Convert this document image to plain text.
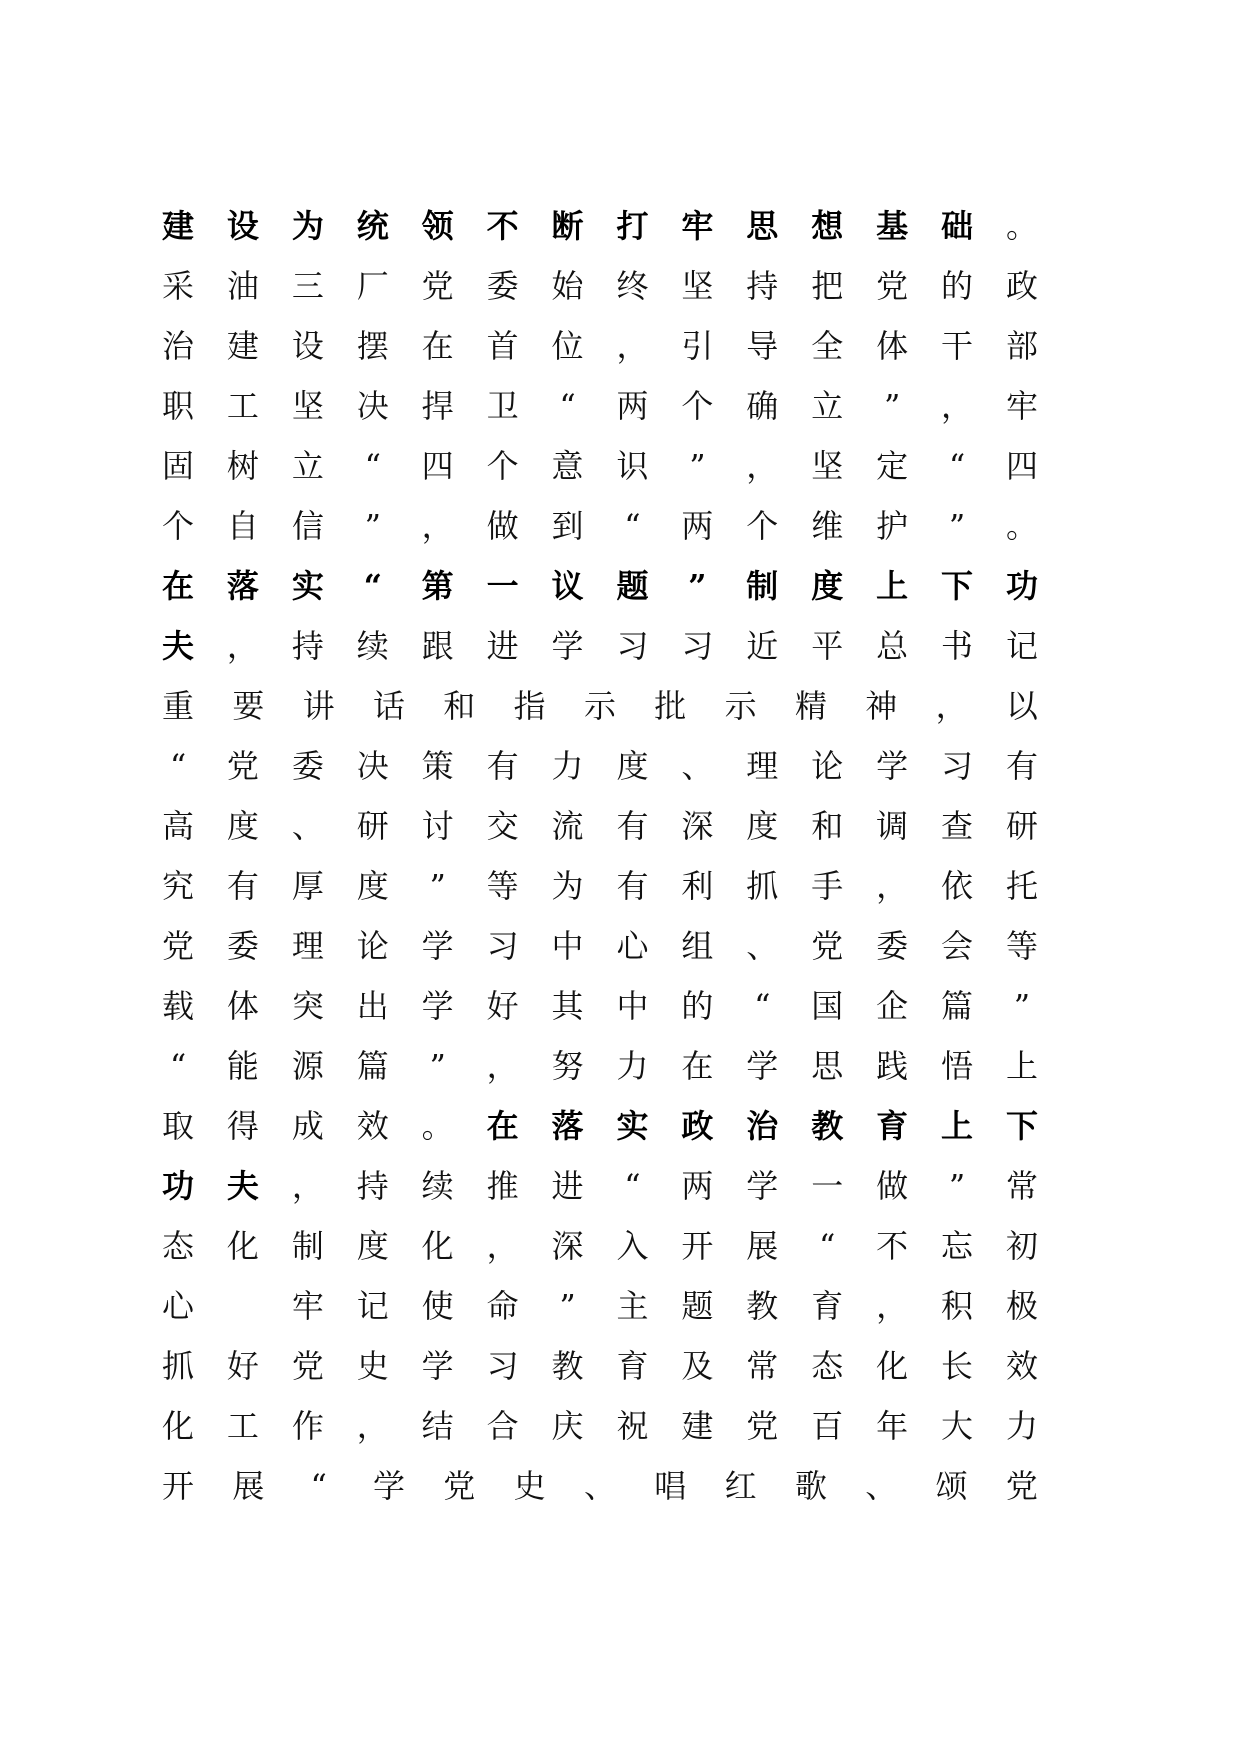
建 设 为 统 领 不 断 打 牢 思 想 基 础 。
采 油 三 厂 党 委 始 终 坚 持 把 党 的 政
治 建 设 摆 在 首 位 ， 引 导 全 体 干 部
职 工 坚 决 捍 卫	“	两 个 确 立	”	， 牢
固 树 立	“	四 个 意 识	”	， 坚 定	“	四
个 自 信	”	， 做 到	“	两 个 维 护	”	。
在 落 实 “ 第 一 议 题 ” 制 度 上 下 功
夫 ， 持 续 跟 进 学 习 习 近 平 总 书 记
重 要 讲 话 和 指 示 批 示 精 神 ， 以
“	党 委 决 策 有 力 度 、 理 论 学 习 有
高 度 、 研 讨 交 流 有 深 度 和 调 查 研
究 有 厚 度	”	等 为 有 利 抓 手 ， 依 托
党 委 理 论 学 习 中 心 组 、 党 委 会 等
载 体 突 出 学 好 其 中 的	“	国 企 篇	”
“	能 源 篇	”	， 努 力 在 学 思 践 悟 上
取 得 成 效 。 在 落 实 政 治 教 育 上 下
功 夫 ， 持 续 推 进	“	两 学 一 做	”	常
态 化 制 度 化 ， 深 入 开 展	“	不 忘 初
心
	牢 记 使 命	”	主 题 教 育 ， 积 极
抓 好 党 史 学 习 教 育 及 常 态 化 长 效
化 工 作 ， 结 合 庆 祝 建 党 百 年 大 力
开 展	“	学 党 史 、 唱 红 歌 、 颂 党
